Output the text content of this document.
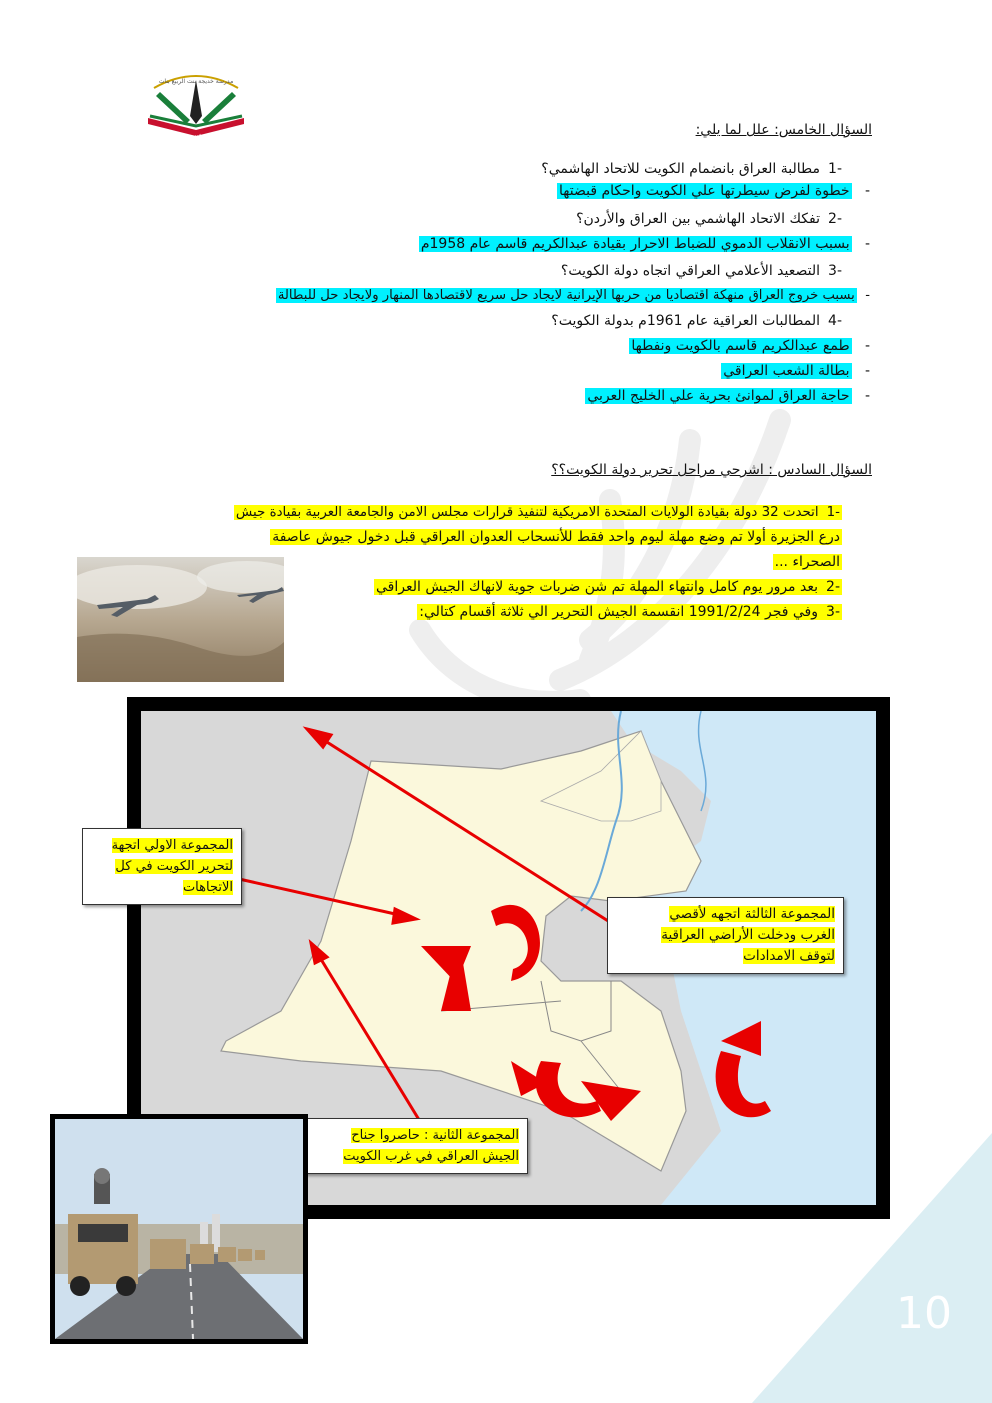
10
مدرسة خديجة بنت الربيع بنات
معاً للتميز	السؤال الخامس: علل لما يلي:
-1مطالبة العراق بانضمام الكويت للاتحاد الهاشمي؟
-   خطوة لفرض سيطرتها علي الكويت واحكام قبضتها
-2تفكك الاتحاد الهاشمي بين العراق والأردن؟
-   بسبب الانقلاب الدموي للضباط الاحرار بقيادة عبدالكريم قاسم عام 1958م
-3التصعيد الأعلامي العراقي اتجاه دولة الكويت؟
-  بسبب خروج العراق منهكة اقتصاديا من حربها الإيرانية لايجاد حل سريع لاقتصادها المنهار ولايجاد حل للبطالة
-4المطالبات العراقية عام 1961م بدولة الكويت؟
-   طمع عبدالكريم قاسم بالكويت ونفطها
-   بطالة الشعب العراقي
-   حاجة العراق لموانئ بحرية علي الخليج العربي
السؤال السادس : اشرحي مراحل تحرير دولة الكويت؟؟
-1اتحدت 32 دولة بقيادة الولايات المتحدة الامريكية لتنفيذ قرارات مجلس الامن والجامعة العربية بقيادة جيش
درع الجزيرة أولا تم وضع مهلة ليوم واحد فقط للأنسحاب العدوان العراقي قبل دخول جيوش عاصفة
الصحراء ...
-2بعد مرور يوم كامل وانتهاء المهلة تم شن ضربات جوية لانهاك الجيش العراقي
-3وفي فجر 1991/2/24 انقسمة الجيش التحرير الي ثلاثة أقسام كتالي:
المجموعة الاولي اتجهة
لتحرير الكويت في كل
الاتجاهات
المجموعة الثالثة اتجهه لأقصي
الغرب ودخلت الأراضي العراقية
لتوقف الامدادات
المجموعة الثانية : حاصروا جناح
الجيش العراقي في غرب الكويت
